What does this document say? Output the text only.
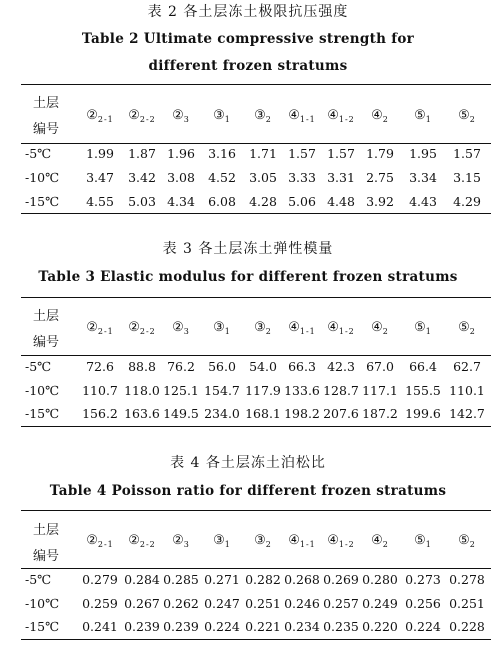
表 2 各土层冻土极限抗压强度
Table 2 Ultimate compressive strength for
different frozen stratums
土层
编号
$②_{2-1}$	$②_{2-2}$	$②_3$	$③_1$	$③_2$	$④_{1-1}$ $④_{1-2}$	$④_2$	$⑤_1$	$⑤_2$
-5℃	1.99	1.87 1.96	3.16	1.71 1.57 1.57 1.79	1.95	1.57
-10℃	3.47	3.42 3.08	4.52	3.05 3.33 3.31 2.75	3.34	3.15
-15℃	4.55	5.03 4.34	6.08	4.28 5.06 4.48 3.92	4.43	4.29
表 3 各土层冻土弹性模量
Table 3 Elastic modulus for different frozen stratums
土层
编号
$②_{2-1}$	$②_{2-2}$	$②_3$	$③_1$	$③_2$	$④_{1-1}$ $④_{1-2}$	$④_2$	$⑤_1$	$⑤_2$
-5℃	72.6	88.8 76.2	56.0	54.0 66.3 42.3 67.0	66.4	62.7
-10℃	110.7 118.0 125.1 154.7 117.9 133.6 128.7 117.1 155.5 110.1
-15℃	156.2 163.6 149.5 234.0 168.1 198.2 207.6 187.2 199.6 142.7
表 4 各土层冻土泊松比
Table 4 Poisson ratio for different frozen stratums
土层
编号
$②_{2-1}$	$②_{2-2}$	$②_3$	$③_1$	$③_2$	$④_{1-1}$ $④_{1-2}$	$④_2$	$⑤_1$	$⑤_2$
-5℃	0.279 0.284 0.285 0.271 0.282 0.268 0.269 0.280 0.273 0.278
-10℃	0.259 0.267 0.262 0.247 0.251 0.246 0.257 0.249 0.256 0.251
-15℃	0.241 0.239 0.239 0.224 0.221 0.234 0.235 0.220 0.224 0.228
